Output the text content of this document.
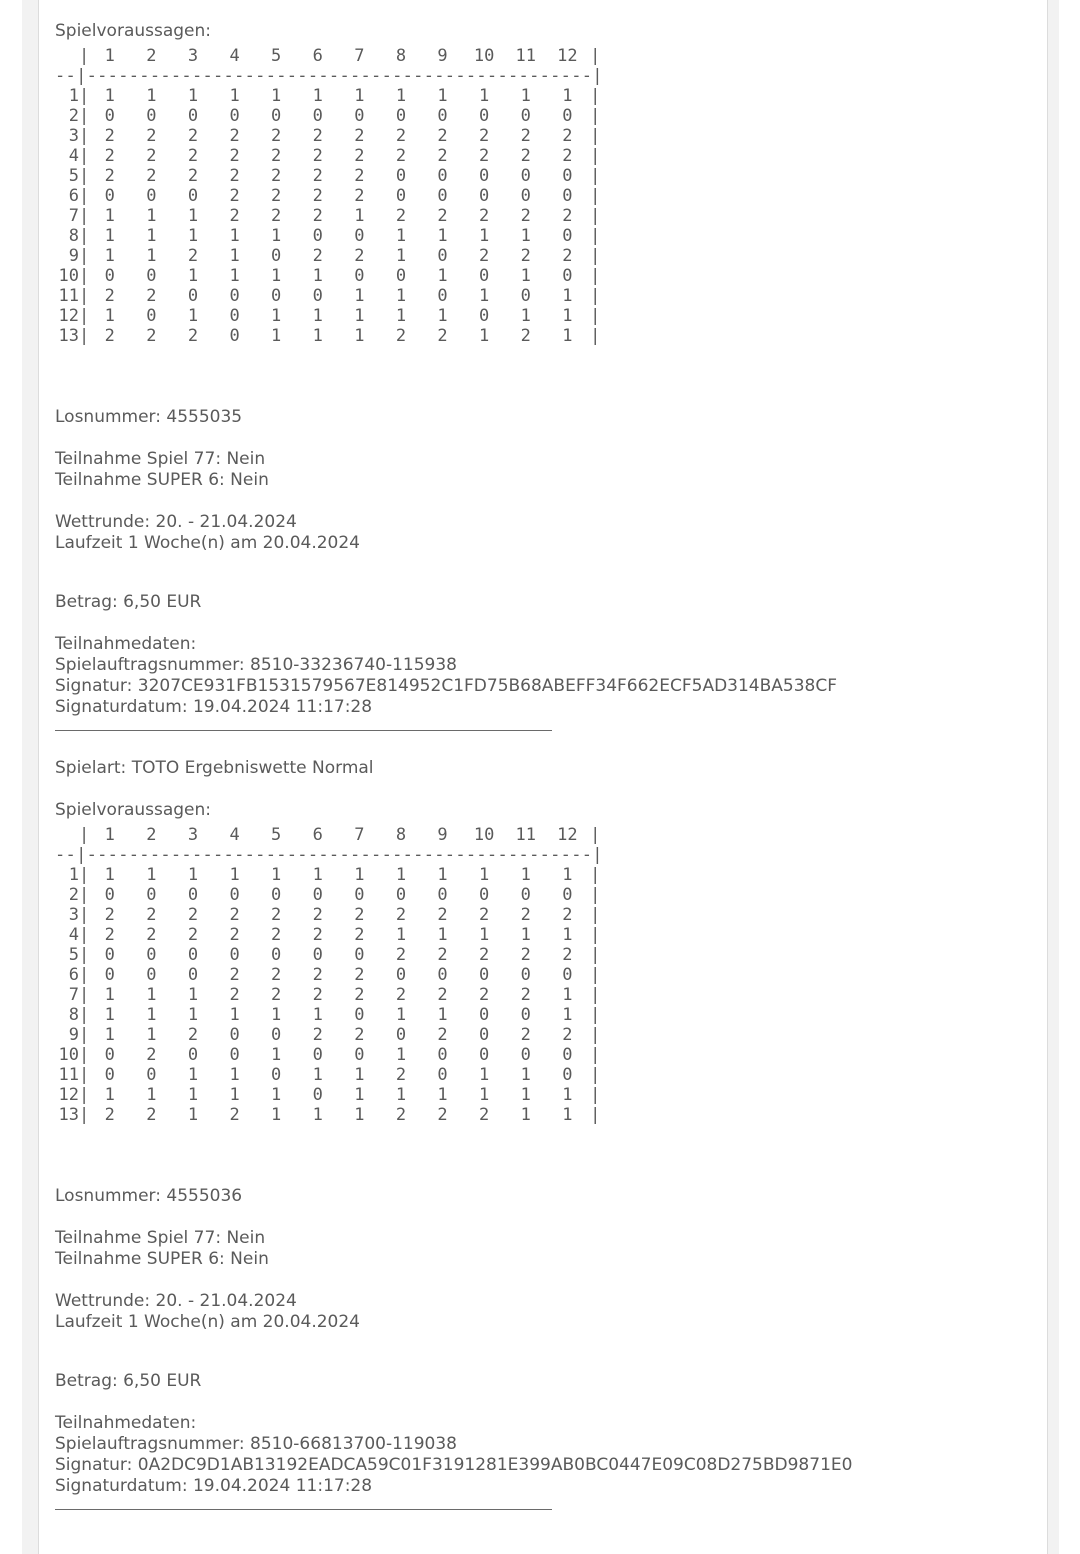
Spielvoraussagen:
| 1	2	3	4	5	6	7	8	9	10	11	12 |
--|------------------------------------------------|
1 | 1	1	1	1	1	1	1	1	1	1	1	1	|
2 | 0	0	0	0	0	0	0	0	0	0	0	0	|
3 | 2	2	2	2	2	2	2	2	2	2	2	2	|
4 | 2	2	2	2	2	2	2	2	2	2	2	2	|
5 | 2	2	2	2	2	2	2	0	0	0	0	0	|
6 | 0	0	0	2	2	2	2	0	0	0	0	0	|
7 | 1	1	1	2	2	2	1	2	2	2	2	2	|
8 | 1	1	1	1	1	0	0	1	1	1	1	0	|
9 | 1	1	2	1	0	2	2	1	0	2	2	2	|
10 | 0	0	1	1	1	1	0	0	1	0	1	0	|
11 | 2	2	0	0	0	0	1	1	0	1	0	1	|
12 | 1	0	1	0	1	1	1	1	1	0	1	1	|
13 | 2	2	2	0	1	1	1	2	2	1	2	1	|
Losnummer: 4555035
Teilnahme Spiel 77: Nein
Teilnahme SUPER 6: Nein
Wettrunde: 20. - 21.04.2024
Laufzeit 1 Woche(n) am 20.04.2024
Betrag: 6,50 EUR
Teilnahmedaten:
Spielauftragsnummer: 8510-33236740-115938
Signatur: 3207CE931FB1531579567E814952C1FD75B68ABEFF34F662ECF5AD314BA538CF
Signaturdatum: 19.04.2024 11:17:28
Spielart: TOTO Ergebniswette Normal
Spielvoraussagen:
| 1	2	3	4	5	6	7	8	9	10	11	12 |
--|------------------------------------------------|
1 | 1	1	1	1	1	1	1	1	1	1	1	1	|
2 | 0	0	0	0	0	0	0	0	0	0	0	0	|
3 | 2	2	2	2	2	2	2	2	2	2	2	2	|
4 | 2	2	2	2	2	2	2	1	1	1	1	1	|
5 | 0	0	0	0	0	0	0	2	2	2	2	2	|
6 | 0	0	0	2	2	2	2	0	0	0	0	0	|
7 | 1	1	1	2	2	2	2	2	2	2	2	1	|
8 | 1	1	1	1	1	1	0	1	1	0	0	1	|
9 | 1	1	2	0	0	2	2	0	2	0	2	2	|
10 | 0	2	0	0	1	0	0	1	0	0	0	0	|
11 | 0	0	1	1	0	1	1	2	0	1	1	0	|
12 | 1	1	1	1	1	0	1	1	1	1	1	1	|
13 | 2	2	1	2	1	1	1	2	2	2	1	1	|
Losnummer: 4555036
Teilnahme Spiel 77: Nein
Teilnahme SUPER 6: Nein
Wettrunde: 20. - 21.04.2024
Laufzeit 1 Woche(n) am 20.04.2024
Betrag: 6,50 EUR
Teilnahmedaten:
Spielauftragsnummer: 8510-66813700-119038
Signatur: 0A2DC9D1AB13192EADCA59C01F3191281E399AB0BC0447E09C08D275BD9871E0
Signaturdatum: 19.04.2024 11:17:28
